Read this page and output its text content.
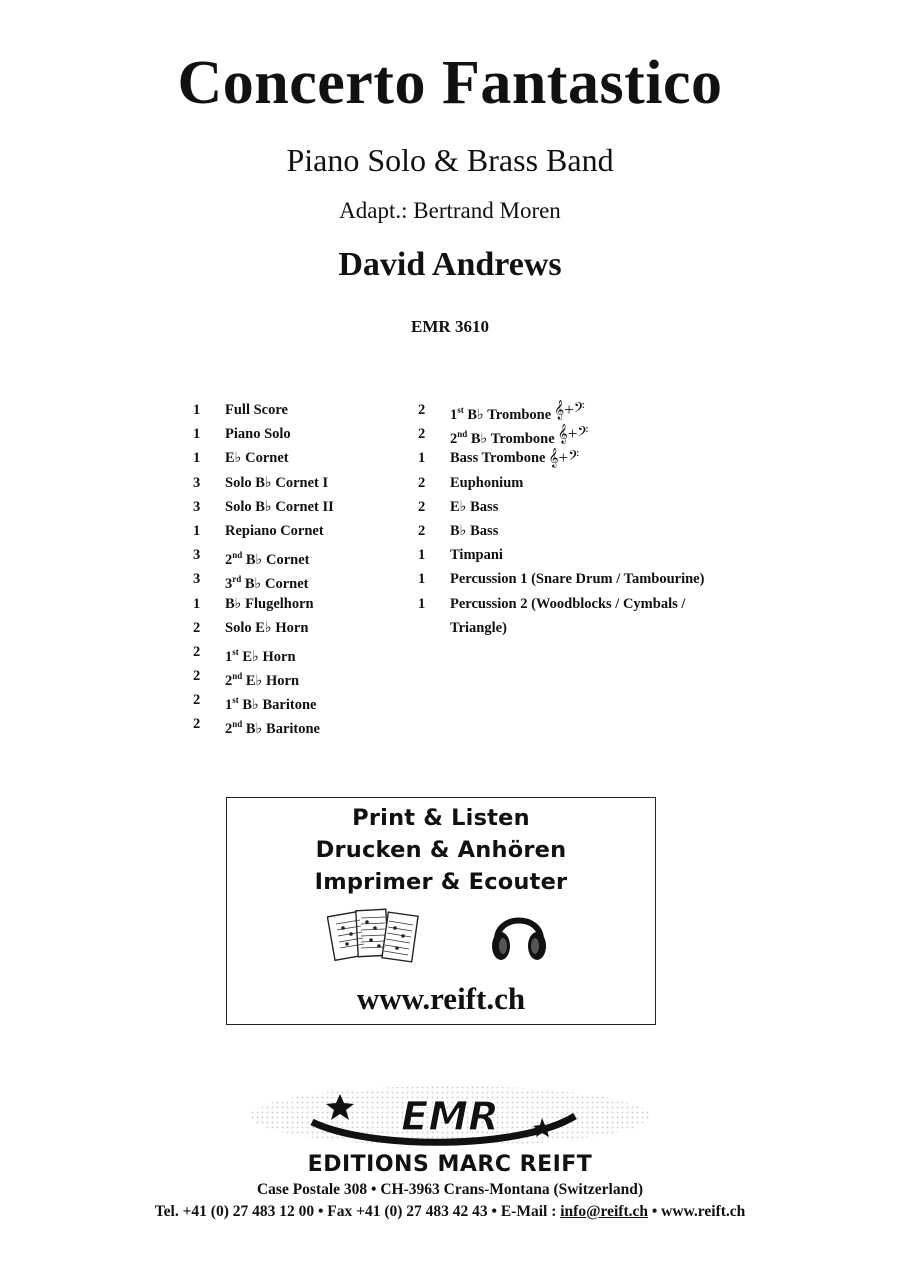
Concerto Fantastico
Piano Solo & Brass Band
Adapt.: Bertrand Moren
David Andrews
EMR 3610
1	Full Score
1	Piano Solo
1	E♭ Cornet
3	Solo B♭ Cornet I
3	Solo B♭ Cornet II
1	Repiano Cornet
3	2nd B♭ Cornet
3	3rd B♭ Cornet
1	B♭ Flugelhorn
2	Solo E♭ Horn
2	1st E♭ Horn
2	2nd E♭ Horn
2	1st B♭ Baritone
2	2nd B♭ Baritone
2	1st B♭ Trombone 𝄞+𝄢
2	2nd B♭ Trombone 𝄞+𝄢
1	Bass Trombone 𝄞+𝄢
2	Euphonium
2	E♭ Bass
2	B♭ Bass
1	Timpani
1	Percussion 1 (Snare Drum / Tambourine)
1	Percussion 2 (Woodblocks / Cymbals /
Triangle)
Print & Listen
Drucken & Anhören
Imprimer & Ecouter
www.reift.ch
EMR
EDITIONS MARC REIFT
Case Postale 308 • CH-3963 Crans-Montana (Switzerland)
Tel. +41 (0) 27 483 12 00 • Fax +41 (0) 27 483 42 43 • E-Mail : info@reift.ch • www.reift.ch
